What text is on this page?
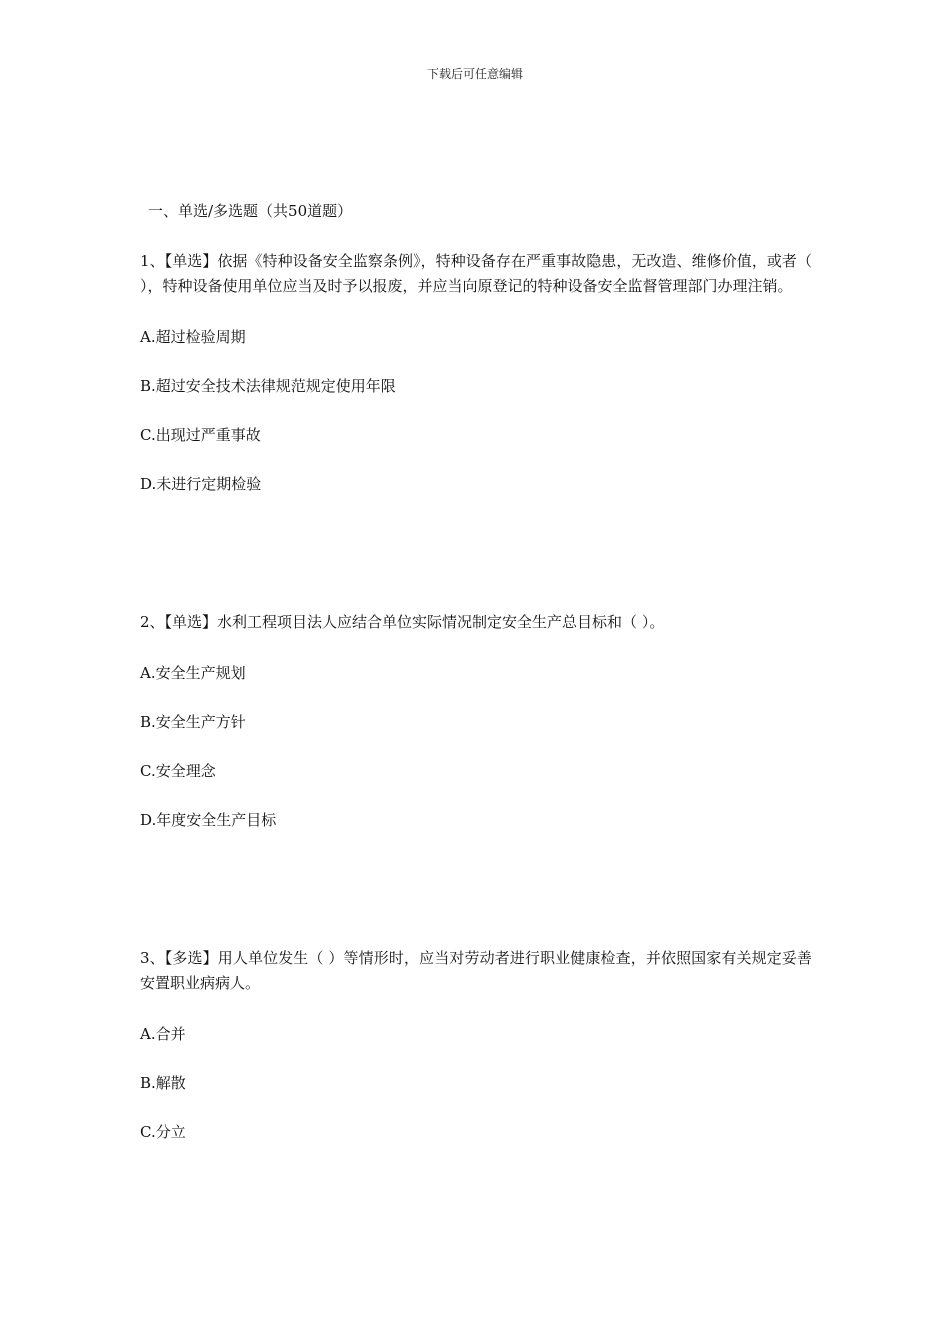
下载后可任意编辑

一、单选/多选题（共50道题）

1、【单选】依据《特种设备安全监察条例》，特种设备存在严重事故隐患，无改造、维修价值，或者（ ），特种设备使用单位应当及时予以报废，并应当向原登记的特种设备安全监督管理部门办理注销。

A.超过检验周期

B.超过安全技术法律规范规定使用年限

C.出现过严重事故

D.未进行定期检验

2、【单选】水利工程项目法人应结合单位实际情况制定安全生产总目标和（ ）。

A.安全生产规划

B.安全生产方针

C.安全理念

D.年度安全生产目标

3、【多选】用人单位发生（ ）等情形时，应当对劳动者进行职业健康检查，并依照国家有关规定妥善安置职业病病人。

A.合并

B.解散

C.分立
